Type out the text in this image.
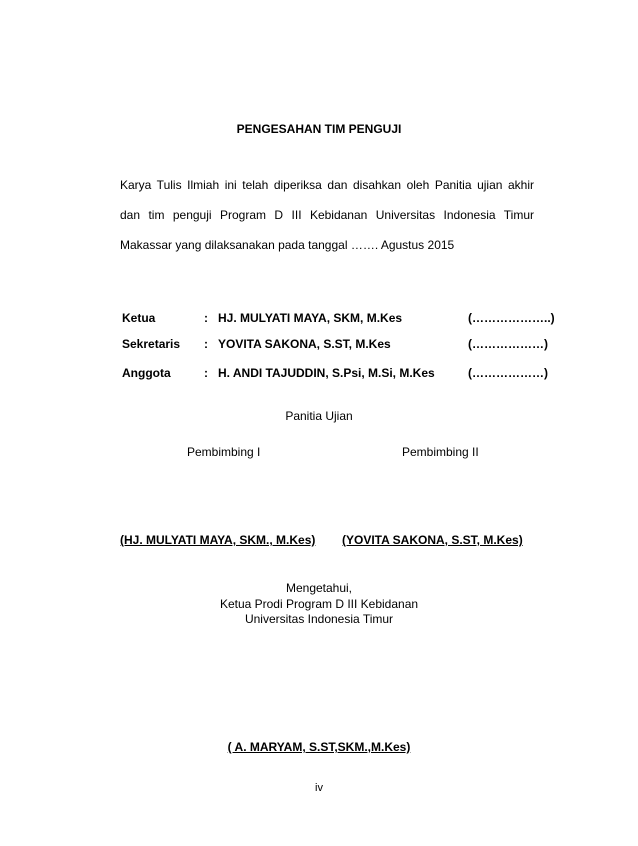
PENGESAHAN TIM PENGUJI
Karya Tulis Ilmiah ini telah diperiksa dan disahkan oleh Panitia ujian akhir
dan tim penguji Program D III Kebidanan Universitas Indonesia Timur
Makassar yang dilaksanakan pada tanggal ……. Agustus 2015
Ketua	: HJ. MULYATI MAYA, SKM, M.Kes	(………………..)
Sekretaris : YOVITA SAKONA, S.ST, M.Kes	(………………)
Anggota	: H. ANDI TAJUDDIN, S.Psi, M.Si, M.Kes	(………………)
Panitia Ujian
Pembimbing I	Pembimbing II
(HJ. MULYATI MAYA, SKM., M.Kes) (YOVITA SAKONA, S.ST, M.Kes)
Mengetahui,
Ketua Prodi Program D III Kebidanan
Universitas Indonesia Timur
( A. MARYAM, S.ST,SKM.,M.Kes)
iv
